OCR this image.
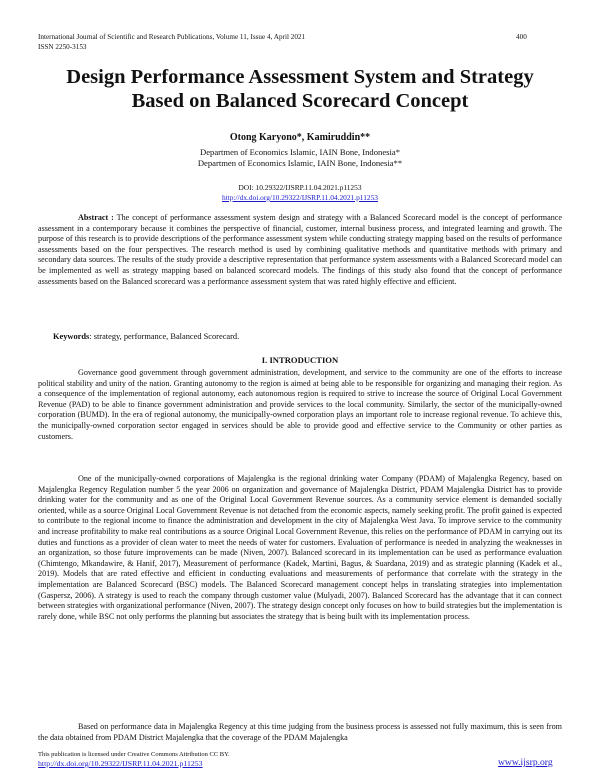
International Journal of Scientific and Research Publications, Volume 11, Issue 4, April 2021
ISSN 2250-3153
400
Design Performance Assessment System and Strategy
Based on Balanced Scorecard Concept
Otong Karyono*, Kamiruddin**
Departmen of Economics Islamic, IAIN Bone, Indonesia*
Departmen of Economics Islamic, IAIN Bone, Indonesia**
DOI: 10.29322/IJSRP.11.04.2021.p11253
http://dx.doi.org/10.29322/IJSRP.11.04.2021.p11253
Abstract : The concept of performance assessment system design and strategy with a Balanced Scorecard model is the concept of performance assessment in a contemporary because it combines the perspective of financial, customer, internal business process, and integrated learning and growth. The purpose of this research is to provide descriptions of the performance assessment system while conducting strategy mapping based on the results of performance assessments based on the four perspectives. The research method is used by combining qualitative methods and quantitative methods with primary and secondary data sources. The results of the study provide a descriptive representation that performance system assessments with a Balanced Scorecard model can be implemented as well as strategy mapping based on balanced scorecard models. The findings of this study also found that the concept of performance assessments based on the Balanced scorecard was a performance assessment system that was rated highly effective and efficient.
Keywords: strategy, performance, Balanced Scorecard.
I. INTRODUCTION
Governance good government through government administration, development, and service to the community are one of the efforts to increase political stability and unity of the nation. Granting autonomy to the region is aimed at being able to be responsible for organizing and managing their region. As a consequence of the implementation of regional autonomy, each autonomous region is required to strive to increase the source of Original Local Government Revenue (PAD) to be able to finance government administration and provide services to the local community. Similarly, the sector of the municipally-owned corporation (BUMD). In the era of regional autonomy, the municipally-owned corporation plays an important role to increase regional revenue. To achieve this, the municipally-owned corporation sector engaged in services should be able to provide good and effective service to the Community or other parties as customers.
One of the municipally-owned corporations of Majalengka is the regional drinking water Company (PDAM) of Majalengka Regency, based on Majalengka Regency Regulation number 5 the year 2006 on organization and governance of Majalengka District, PDAM Majalengka District has to provide drinking water for the community and as one of the Original Local Government Revenue sources. As a community service element is demanded socially oriented, while as a source Original Local Government Revenue is not detached from the economic aspects, namely seeking profit. The profit gained is expected to contribute to the regional income to finance the administration and development in the city of Majalengka West Java. To improve service to the community and increase profitability to make real contributions as a source Original Local Government Revenue, this relies on the performance of PDAM in carrying out its duties and functions as a provider of clean water to meet the needs of water for customers. Evaluation of performance is needed in analyzing the weaknesses in an organization, so those future improvements can be made (Niven, 2007). Balanced scorecard in its implementation can be used as performance evaluation (Chimtengo, Mkandawire, & Hanif, 2017), Measurement of performance (Kadek, Martini, Bagus, & Suardana, 2019) and as strategic planning (Kadek et al., 2019). Models that are rated effective and efficient in conducting evaluations and measurements of performance that correlate with the strategy in the implementation are Balanced Scorecard (BSC) models. The Balanced Scorecard management concept helps in translating strategies into implementation (Gaspersz, 2006). A strategy is used to reach the company through customer value (Mulyadi, 2007). Balanced Scorecard has the advantage that it can connect between strategies with organizational performance (Niven, 2007). The strategy design concept only focuses on how to build strategies but the implementation is rarely done, while BSC not only performs the planning but associates the strategy that is being built with its implementation process.
Based on performance data in Majalengka Regency at this time judging from the business process is assessed not fully maximum, this is seen from the data obtained from PDAM District Majalengka that the coverage of the PDAM Majalengka
This publication is licensed under Creative Commons Attribution CC BY.
http://dx.doi.org/10.29322/IJSRP.11.04.2021.p11253	www.ijsrp.org
